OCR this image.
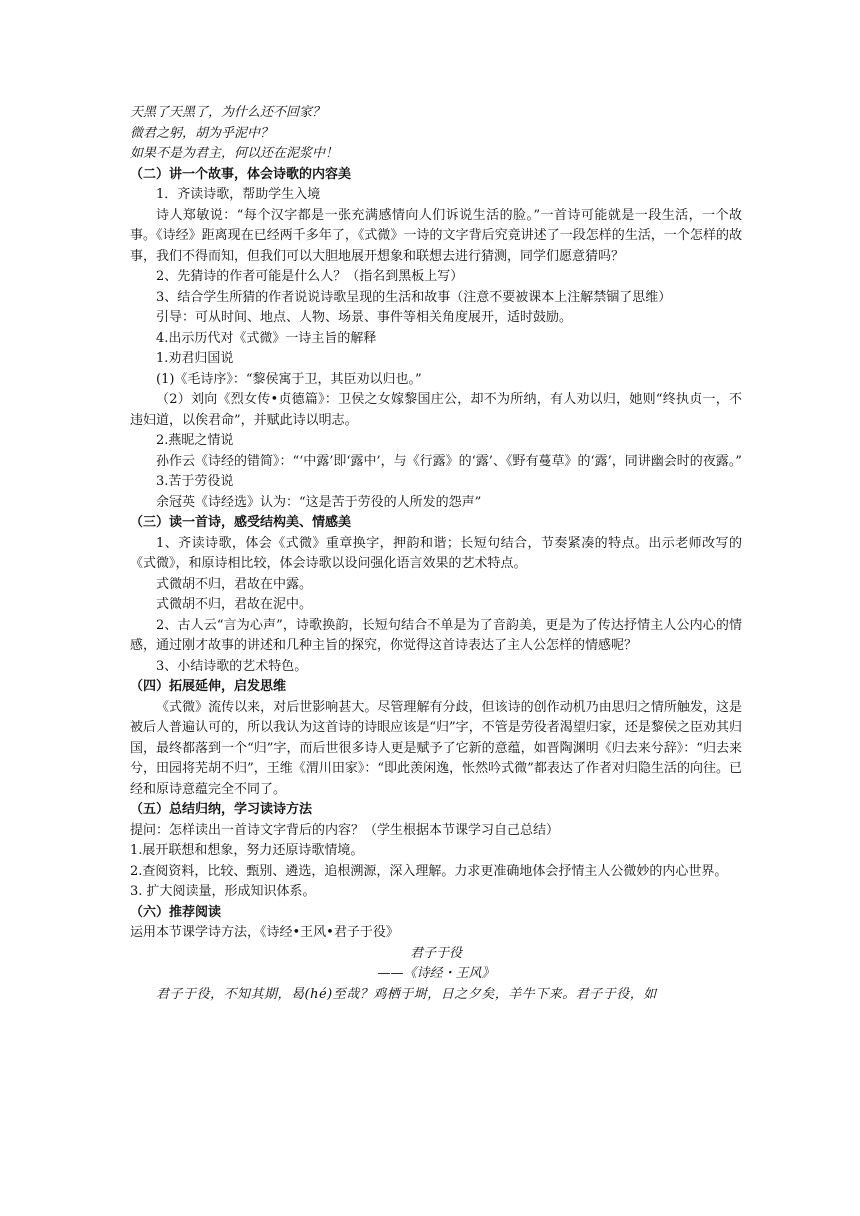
天黑了天黑了，为什么还不回家？

微君之躬，胡为乎泥中？

如果不是为君主，何以还在泥浆中！

（二）讲一个故事，体会诗歌的内容美

1．齐读诗歌，帮助学生入境

诗人郑敏说：“每个汉字都是一张充满感情向人们诉说生活的脸。”一首诗可能就是一段生活，一个故事。《诗经》距离现在已经两千多年了，《式微》一诗的文字背后究竟讲述了一段怎样的生活，一个怎样的故事，我们不得而知，但我们可以大胆地展开想象和联想去进行猜测，同学们愿意猜吗？

2、先猜诗的作者可能是什么人？（指名到黑板上写）

3、结合学生所猜的作者说说诗歌呈现的生活和故事（注意不要被课本上注解禁锢了思维）

引导：可从时间、地点、人物、场景、事件等相关角度展开，适时鼓励。

4.出示历代对《式微》一诗主旨的解释

1.劝君归国说

(1)《毛诗序》：“黎侯寓于卫，其臣劝以归也。”

（2）刘向《烈女传•贞德篇》：卫侯之女嫁黎国庄公，却不为所纳，有人劝以归，她则“终执贞一，不违妇道，以俟君命”，并赋此诗以明志。

2.燕昵之情说

孙作云《诗经的错简》：“‘中露’即‘露中’，与《行露》的‘露’、《野有蔓草》的‘露’，同讲幽会时的夜露。”

3.苦于劳役说

余冠英《诗经选》认为：“这是苦于劳役的人所发的怨声”

（三）读一首诗，感受结构美、情感美

1、齐读诗歌，体会《式微》重章换字，押韵和谐；长短句结合，节奏紧凑的特点。出示老师改写的《式微》，和原诗相比较，体会诗歌以设问强化语言效果的艺术特点。

式微胡不归，君故在中露。

式微胡不归，君故在泥中。

2、古人云“言为心声”，诗歌换韵，长短句结合不单是为了音韵美，更是为了传达抒情主人公内心的情感，通过刚才故事的讲述和几种主旨的探究，你觉得这首诗表达了主人公怎样的情感呢？

3、小结诗歌的艺术特色。

（四）拓展延伸，启发思维

《式微》流传以来，对后世影响甚大。尽管理解有分歧，但该诗的创作动机乃由思归之情所触发，这是被后人普遍认可的，所以我认为这首诗的诗眼应该是“归”字，不管是劳役者渴望归家，还是黎侯之臣劝其归国，最终都落到一个“归”字，而后世很多诗人更是赋予了它新的意蕴，如晋陶渊明《归去来兮辞》：“归去来兮，田园将芜胡不归”，王维《渭川田家》：“即此羡闲逸，怅然吟式微”都表达了作者对归隐生活的向往。已经和原诗意蕴完全不同了。

（五）总结归纳，学习读诗方法

提问：怎样读出一首诗文字背后的内容？（学生根据本节课学习自己总结）

1.展开联想和想象，努力还原诗歌情境。

2.查阅资料，比较、甄别、遴选，追根溯源，深入理解。力求更准确地体会抒情主人公微妙的内心世界。

3. 扩大阅读量，形成知识体系。

（六）推荐阅读

运用本节课学诗方法，《诗经•王风•君子于役》

君子于役

——《诗经・王风》

君子于役，不知其期，曷(hé)至哉？鸡栖于埘，日之夕矣，羊牛下来。君子于役，如
